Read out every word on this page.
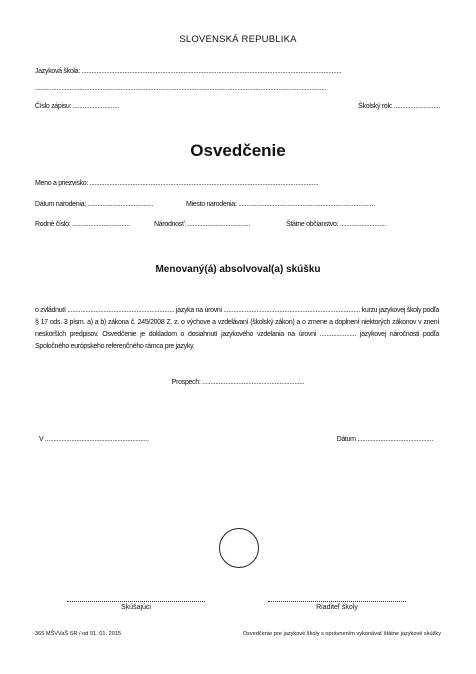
SLOVENSKÁ REPUBLIKA
Jazyková škola: ..............................................................................................................................................................
.................................................................................................................................................................................
Číslo zápisu: ............................	Školský rok: ............................
Osvedčenie
Meno a priezvisko: ...........................................................................................................................................
Dátum narodenia: ........................................	Miesto narodenia: ...................................................................................
Rodné číslo: ...................................	Národnosť: ......................................	Štátne občianstvo: ............................
Menovaný(á) absolvoval(a) skúšku
o zvládnutí ................................................................. jazyka na úrovni ................................................................................... kurzu jazykovej školy podľa § 17 ods. 3 písm. a) a b) zákona č. 245/2008 Z. z. o výchove a vzdelávaní (školský zákon) a o zmene a doplnení niektorých zákonov v znení neskorších predpisov. Osvedčenie je dokladom o dosiahnutí jazykového vzdelania na úrovni ...................... jazykovej náročnosti podľa Spoločného európskeho referenčného rámca pre jazyky.
Prospech: ..............................................................
V ...............................................................	Dátum ..............................................
Skúšajúci	Riaditeľ školy
365 MŠVVaŠ SR / od 01. 01. 2015	Osvedčenie pre jazykové školy s oprávnením vykonávať štátne jazykové skúšky
